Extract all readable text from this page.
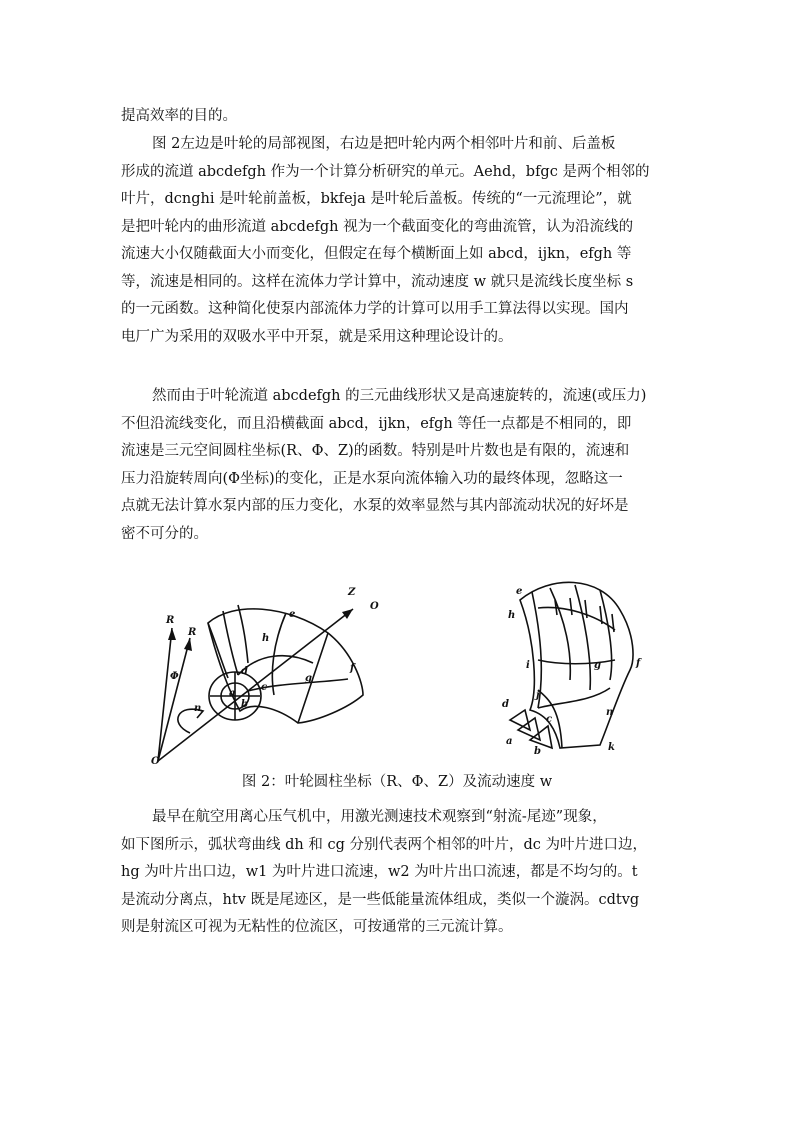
提高效率的目的。
图 2左边是叶轮的局部视图，右边是把叶轮内两个相邻叶片和前、后盖板
形成的流道 abcdefgh 作为一个计算分析研究的单元。Aehd，bfgc 是两个相邻的
叶片，dcnghi 是叶轮前盖板，bkfeja 是叶轮后盖板。传统的“一元流理论”，就
是把叶轮内的曲形流道 abcdefgh 视为一个截面变化的弯曲流管，认为沿流线的
流速大小仅随截面大小而变化，但假定在每个横断面上如 abcd，ijkn，efgh 等
等，流速是相同的。这样在流体力学计算中，流动速度 w 就只是流线长度坐标 s
的一元函数。这种简化使泵内部流体力学的计算可以用手工算法得以实现。国内
电厂广为采用的双吸水平中开泵，就是采用这种理论设计的。
然而由于叶轮流道 abcdefgh 的三元曲线形状又是高速旋转的，流速(或压力)
不但沿流线变化，而且沿横截面 abcd，ijkn，efgh 等任一点都是不相同的，即
流速是三元空间圆柱坐标(R、Φ、Z)的函数。特别是叶片数也是有限的，流速和
压力沿旋转周向(Φ坐标)的变化，正是水泵向流体输入功的最终体现，忽略这一
点就无法计算水泵内部的压力变化，水泵的效率显然与其内部流动状况的好坏是
密不可分的。
R
R
Φ
n
O
Z
O
e
h
d
a
b
c
g
f
e
h
i
j
d
a
c
b	k
n
g	f
图 2：叶轮圆柱坐标（R、Φ、Z）及流动速度 w
最早在航空用离心压气机中，用激光测速技术观察到“射流-尾迹”现象，
如下图所示，弧状弯曲线 dh 和 cg 分别代表两个相邻的叶片，dc 为叶片进口边，
hg 为叶片出口边，w1 为叶片进口流速，w2 为叶片出口流速，都是不均匀的。t
是流动分离点，htv 既是尾迹区，是一些低能量流体组成，类似一个漩涡。cdtvg
则是射流区可视为无粘性的位流区，可按通常的三元流计算。
